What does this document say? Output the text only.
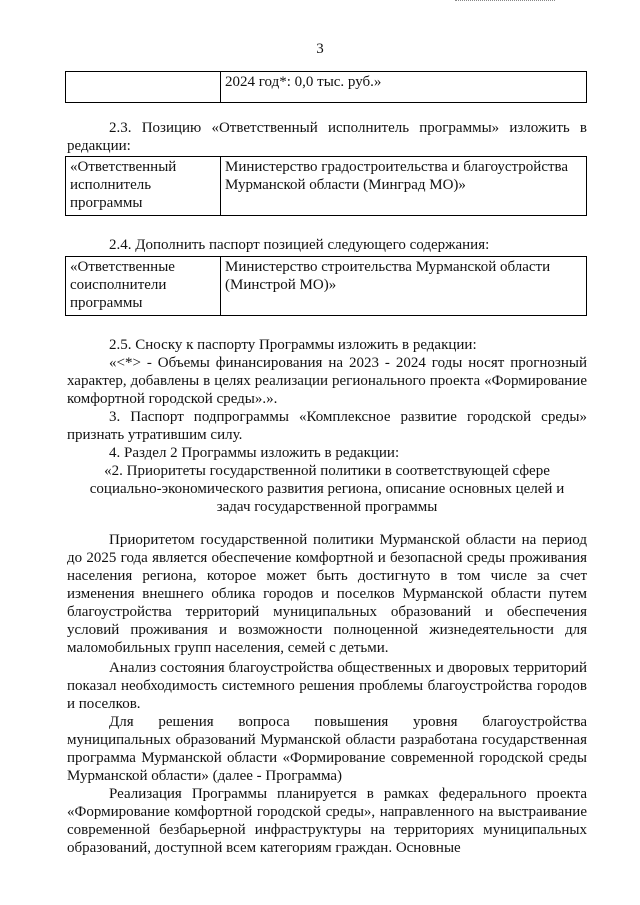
3
	2024 год*: 0,0 тыс. руб.»

2.3. Позицию «Ответственный исполнитель программы» изложить в редакции:

«Ответственный исполнитель программы	Министерство градостроительства и благоустройства Мурманской области (Минград МО)»

2.4. Дополнить паспорт позицией следующего содержания:

«Ответственные соисполнители программы	Министерство строительства Мурманской области (Минстрой МО)»

2.5. Сноску к паспорту Программы изложить в редакции:

«<*> - Объемы финансирования на 2023 - 2024 годы носят прогнозный характер, добавлены в целях реализации регионального проекта «Формирование комфортной городской среды».».

3. Паспорт подпрограммы «Комплексное развитие городской среды» признать утратившим силу.

4. Раздел 2 Программы изложить в редакции:

«2. Приоритеты государственной политики в соответствующей сфере социально-экономического развития региона, описание основных целей и задач государственной программы

Приоритетом государственной политики Мурманской области на период до 2025 года является обеспечение комфортной и безопасной среды проживания населения региона, которое может быть достигнуто в том числе за счет изменения внешнего облика городов и поселков Мурманской области путем благоустройства территорий муниципальных образований и обеспечения условий проживания и возможности полноценной жизнедеятельности для маломобильных групп населения, семей с детьми.

Анализ состояния благоустройства общественных и дворовых территорий показал необходимость системного решения проблемы благоустройства городов и поселков.

Для решения вопроса повышения уровня благоустройства муниципальных образований Мурманской области разработана государственная программа Мурманской области «Формирование современной городской среды Мурманской области» (далее - Программа)

Реализация Программы планируется в рамках федерального проекта «Формирование комфортной городской среды», направленного на выстраивание современной безбарьерной инфраструктуры на территориях муниципальных образований, доступной всем категориям граждан. Основные
